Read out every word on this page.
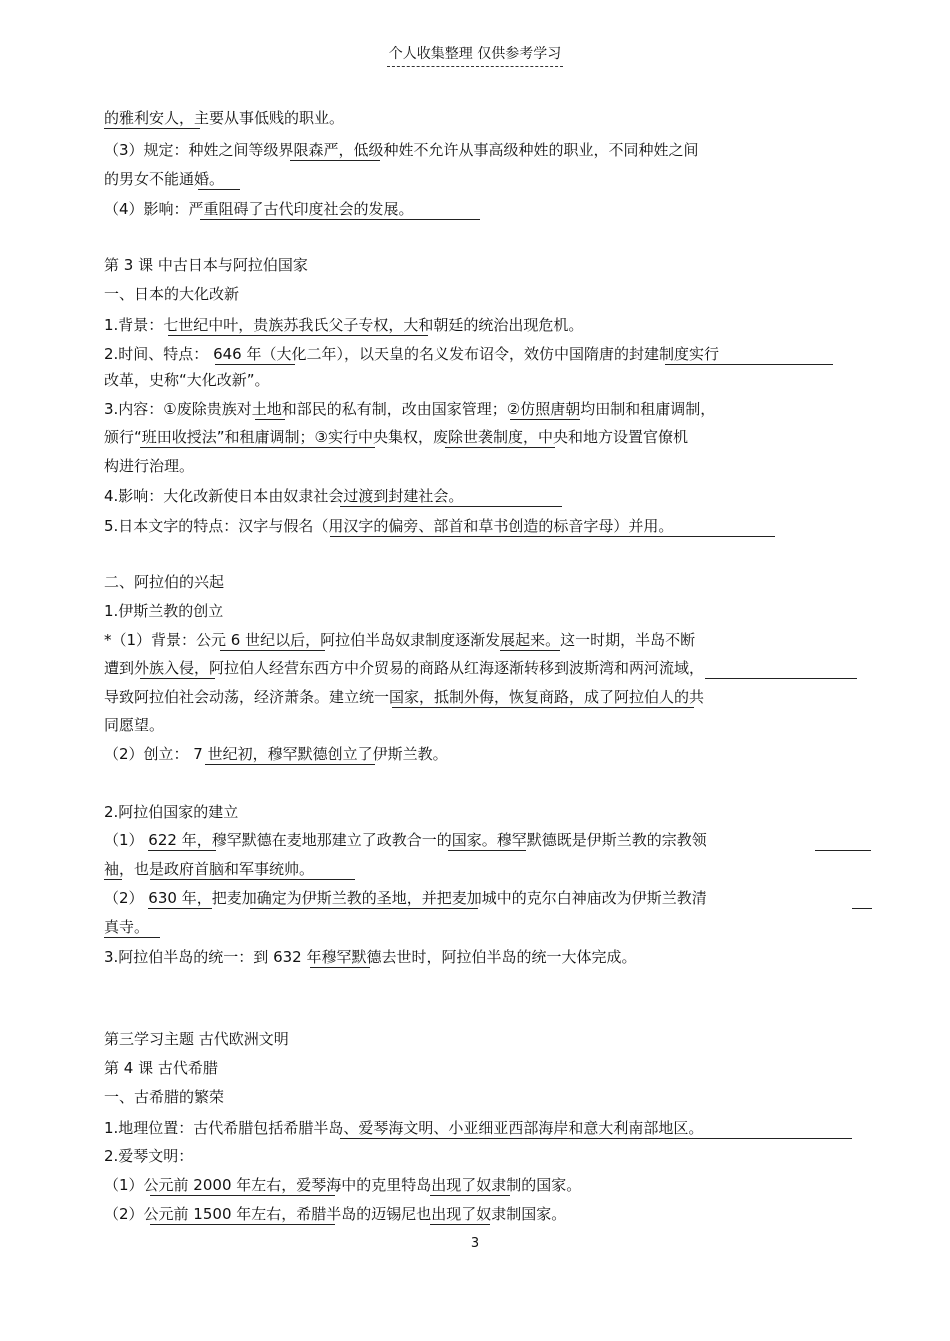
个人收集整理 仅供参考学习
的雅利安人，主要从事低贱的职业。
（3）规定：种姓之间等级界限森严，低级种姓不允许从事高级种姓的职业，不同种姓之间
的男女不能通婚。
（4）影响：严重阻碍了古代印度社会的发展。
第 3 课 中古日本与阿拉伯国家
一、日本的大化改新
1.背景：七世纪中叶，贵族苏我氏父子专权，大和朝廷的统治出现危机。
2.时间、特点： 646 年（大化二年），以天皇的名义发布诏令，效仿中国隋唐的封建制度实行
改革，史称“大化改新”。
3.内容：①废除贵族对土地和部民的私有制，改由国家管理；②仿照唐朝均田制和租庸调制，
颁行“班田收授法”和租庸调制；③实行中央集权，废除世袭制度，中央和地方设置官僚机
构进行治理。
4.影响：大化改新使日本由奴隶社会过渡到封建社会。
5.日本文字的特点：汉字与假名（用汉字的偏旁、部首和草书创造的标音字母）并用。
二、阿拉伯的兴起
1.伊斯兰教的创立
*（1）背景：公元 6 世纪以后，阿拉伯半岛奴隶制度逐渐发展起来。这一时期，半岛不断
遭到外族入侵，阿拉伯人经营东西方中介贸易的商路从红海逐渐转移到波斯湾和两河流域，
导致阿拉伯社会动荡，经济萧条。建立统一国家，抵制外侮，恢复商路，成了阿拉伯人的共
同愿望。
（2）创立： 7 世纪初，穆罕默德创立了伊斯兰教。
2.阿拉伯国家的建立
（1） 622 年，穆罕默德在麦地那建立了政教合一的国家。穆罕默德既是伊斯兰教的宗教领
袖，也是政府首脑和军事统帅。
（2） 630 年，把麦加确定为伊斯兰教的圣地，并把麦加城中的克尔白神庙改为伊斯兰教清
真寺。
3.阿拉伯半岛的统一：到 632 年穆罕默德去世时，阿拉伯半岛的统一大体完成。
第三学习主题 古代欧洲文明
第 4 课 古代希腊
一、古希腊的繁荣
1.地理位置：古代希腊包括希腊半岛、爱琴海文明、小亚细亚西部海岸和意大利南部地区。
2.爱琴文明：
（1）公元前 2000 年左右，爱琴海中的克里特岛出现了奴隶制的国家。
（2）公元前 1500 年左右，希腊半岛的迈锡尼也出现了奴隶制国家。
3
